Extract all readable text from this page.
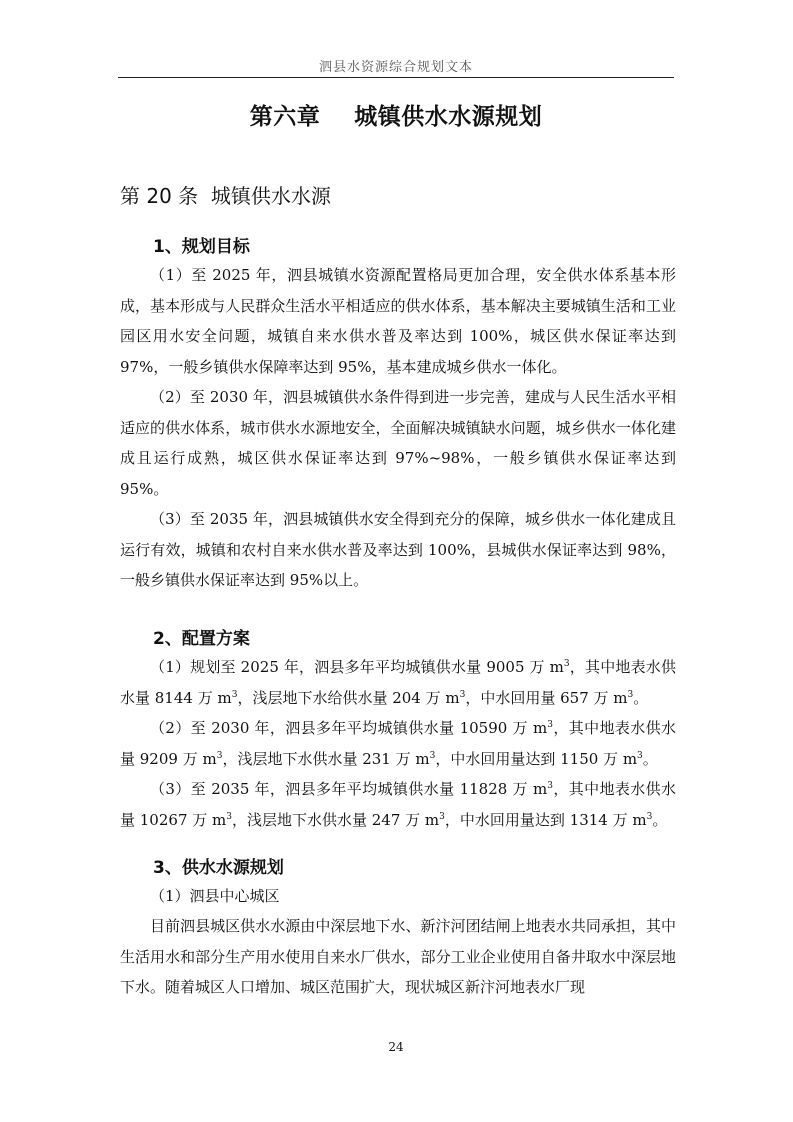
泗县水资源综合规划文本
第六章    城镇供水水源规划
第 20 条  城镇供水水源
1、规划目标

（1）至 2025 年，泗县城镇水资源配置格局更加合理，安全供水体系基本形成，基本形成与人民群众生活水平相适应的供水体系，基本解决主要城镇生活和工业园区用水安全问题，城镇自来水供水普及率达到 100%，城区供水保证率达到 97%，一般乡镇供水保障率达到 95%，基本建成城乡供水一体化。

（2）至 2030 年，泗县城镇供水条件得到进一步完善，建成与人民生活水平相适应的供水体系，城市供水水源地安全，全面解决城镇缺水问题，城乡供水一体化建成且运行成熟，城区供水保证率达到 97%~98%，一般乡镇供水保证率达到 95%。

（3）至 2035 年，泗县城镇供水安全得到充分的保障，城乡供水一体化建成且运行有效，城镇和农村自来水供水普及率达到 100%，县城供水保证率达到 98%，一般乡镇供水保证率达到 95%以上。

2、配置方案

（1）规划至 2025 年，泗县多年平均城镇供水量 9005 万 $m^3$，其中地表水供水量 8144 万 $m^3$，浅层地下水给供水量 204 万 $m^3$，中水回用量 657 万 $m^3$。

（2）至 2030 年，泗县多年平均城镇供水量 10590 万 $m^3$，其中地表水供水量 9209 万 $m^3$，浅层地下水供水量 231 万 $m^3$，中水回用量达到 1150 万 $m^3$。

（3）至 2035 年，泗县多年平均城镇供水量 11828 万 $m^3$，其中地表水供水量 10267 万 $m^3$，浅层地下水供水量 247 万 $m^3$，中水回用量达到 1314 万 $m^3$。

3、供水水源规划

（1）泗县中心城区

目前泗县城区供水水源由中深层地下水、新汴河团结闸上地表水共同承担，其中生活用水和部分生产用水使用自来水厂供水，部分工业企业使用自备井取水中深层地下水。随着城区人口增加、城区范围扩大，现状城区新汴河地表水厂现

24
